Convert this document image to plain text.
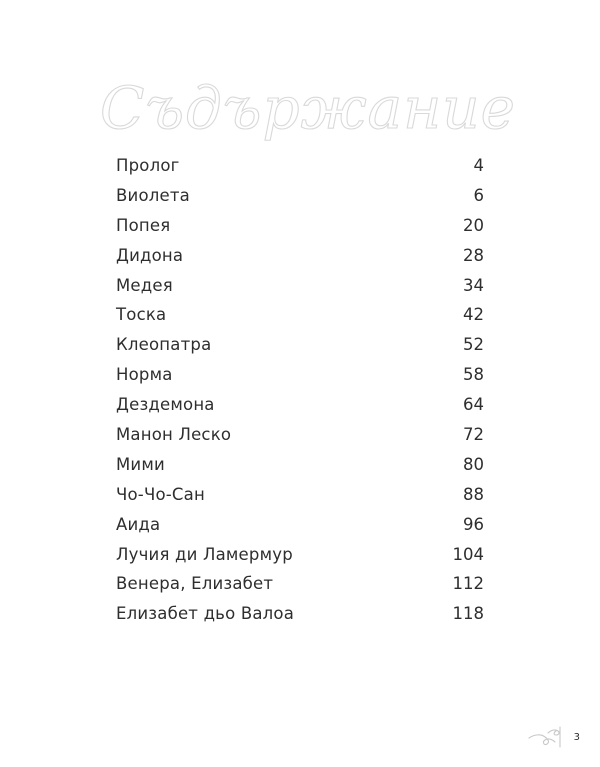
Съдържание
Пролог	4
Виолета	6
Попея	20
Дидона	28
Медея	34
Тоска	42
Клеопатра	52
Норма	58
Дездемона	64
Манон Леско	72
Мими	80
Чо-Чо-Сан	88
Аида	96
Лучия ди Ламермур	104
Венера, Елизабет	112
Елизабет дьо Валоа	118
3
